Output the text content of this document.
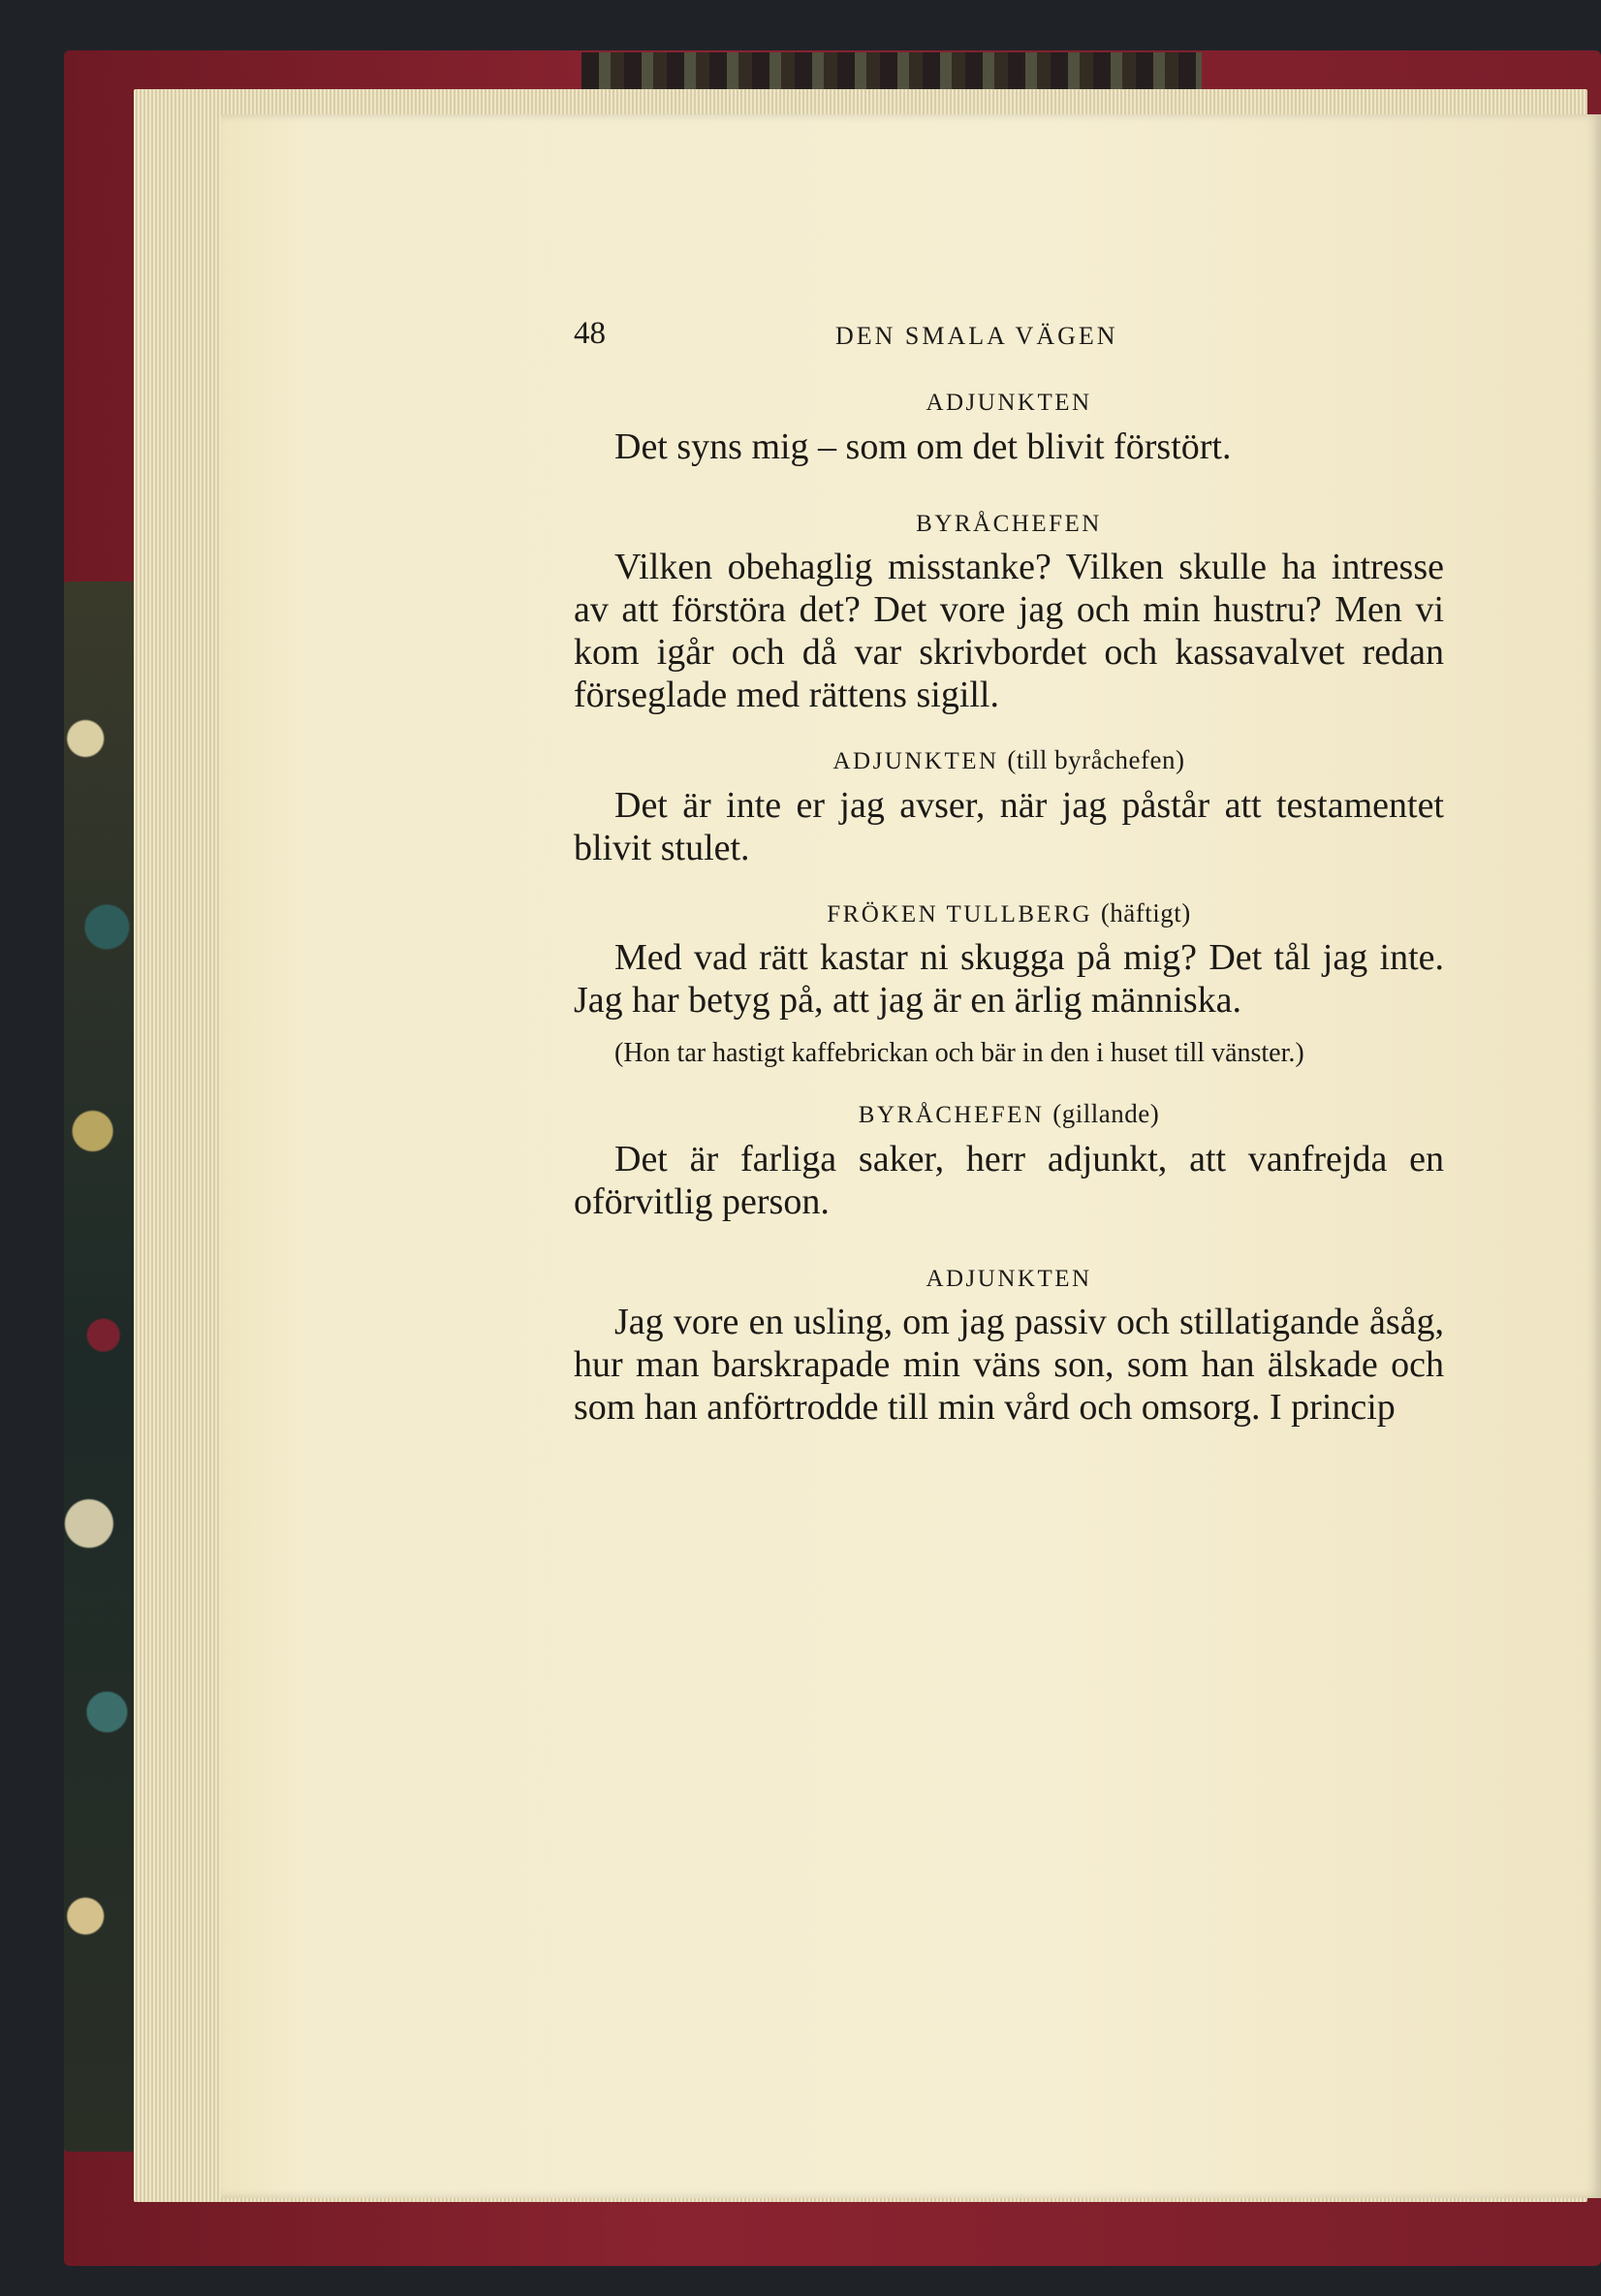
48	DEN SMALA VÄGEN

ADJUNKTEN

Det syns mig – som om det blivit förstört.

BYRÅCHEFEN

Vilken obehaglig misstanke? Vilken skulle ha intresse av att förstöra det? Det vore jag och min hustru? Men vi kom igår och då var skrivbordet och kassavalvet redan förseglade med rättens sigill.

ADJUNKTEN (till byråchefen)

Det är inte er jag avser, när jag påstår att testamentet blivit stulet.

FRÖKEN TULLBERG (häftigt)

Med vad rätt kastar ni skugga på mig? Det tål jag inte. Jag har betyg på, att jag är en ärlig människa.

(Hon tar hastigt kaffebrickan och bär in den i huset till vänster.)

BYRÅCHEFEN (gillande)

Det är farliga saker, herr adjunkt, att vanfrejda en oförvitlig person.

ADJUNKTEN

Jag vore en usling, om jag passiv och stillatigande åsåg, hur man barskrapade min väns son, som han älskade och som han anförtrodde till min vård och omsorg. I princip
